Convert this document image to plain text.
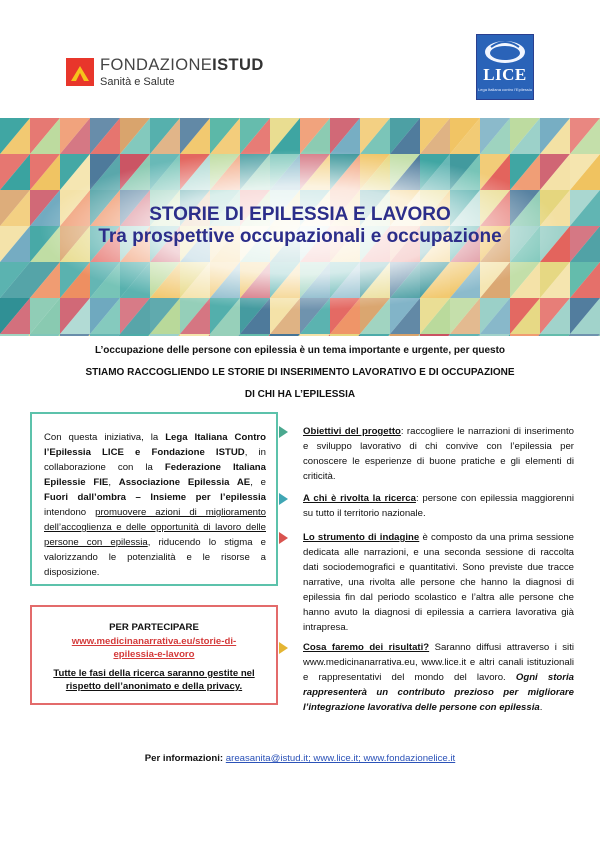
FONDAZIONEISTUD
Sanità e Salute	LICE
Lega Italiana contro l'Epilessia
STORIE DI EPILESSIA E LAVORO
Tra prospettive occupazionali e occupazione
L’occupazione delle persone con epilessia è un tema importante e urgente, per questo
STIAMO RACCOGLIENDO LE STORIE DI INSERIMENTO LAVORATIVO E DI OCCUPAZIONE
DI CHI HA L’EPILESSIA
Con questa iniziativa, la Lega Italiana Contro l’Epilessia LICE e Fondazione ISTUD, in collaborazione con la Federazione Italiana Epilessie FIE, Associazione Epilessia AE, e Fuori dall’ombra – Insieme per l’epilessia intendono promuovere azioni di miglioramento dell’accoglienza e delle opportunità di lavoro delle persone con epilessia, riducendo lo stigma e valorizzando le potenzialità e le risorse a disposizione.
PER PARTECIPARE
www.medicinanarrativa.eu/storie-di-
epilessia-e-lavoro
Tutte le fasi della ricerca saranno gestite nel rispetto dell’anonimato e della privacy.
Obiettivi del progetto: raccogliere le narrazioni di inserimento e sviluppo lavorativo di chi convive con l’epilessia per conoscere le esperienze di buone pratiche e gli elementi di criticità.
A chi è rivolta la ricerca: persone con epilessia maggiorenni su tutto il territorio nazionale.
Lo strumento di indagine è composto da una prima sessione dedicata alle narrazioni, e una seconda sessione di raccolta dati sociodemografici e quantitativi. Sono previste due tracce narrative, una rivolta alle persone che hanno la diagnosi di epilessia fin dal periodo scolastico e l’altra alle persone che hanno avuto la diagnosi di epilessia a carriera lavorativa già intrapresa.
Cosa faremo dei risultati? Saranno diffusi attraverso i siti www.medicinanarrativa.eu, www.lice.it e altri canali istituzionali e rappresentativi del mondo del lavoro. Ogni storia rappresenterà un contributo prezioso per migliorare l’integrazione lavorativa delle persone con epilessia.
Per informazioni: areasanita@istud.it; www.lice.it; www.fondazionelice.it
